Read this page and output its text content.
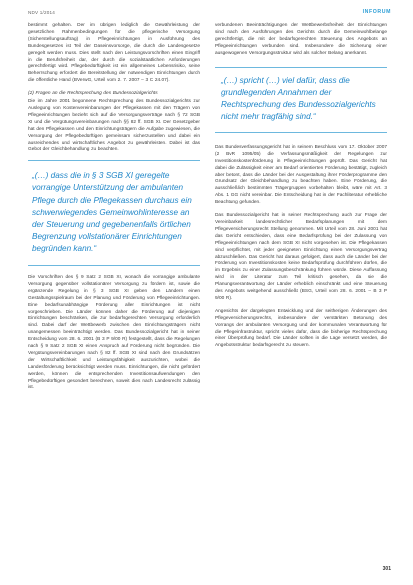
NDV 1/2014	INFORUM

bestimmt gehalten. Der im übrigen lediglich die Gewährleistung der gesetzlichen Rahmenbedingungen für die pflegerische Versorgung (Sicherstellungsauftrag) in Pflegeeinrichtungen in Ausführung des Bundesgesetzes ist Teil der Daseinsvorsorge, die durch die Landesgesetze geregelt werden muss. Dies stellt nach den Leistungsvorschriften einen Eingriff in die Berufsfreiheit dar, der durch die sozialstaatlichen Anforderungen gerechtfertigt wird. Pflegebedürftigkeit ist ein allgemeines Lebensrisiko, seine Beherrschung erfordert die Bereitstellung der notwendigen Einrichtungen durch die öffentliche Hand (BVerwG, Urteil vom 2. 7. 2007 – 3 C 24.07).

(2) Fragen an die Rechtsprechung des Bundessozialgerichts

Die im Jahre 2001 begonnene Rechtsprechung des Bundessozialgerichts zur Auslegung von Kostenvereinbarungen der Pflegekassen mit den Trägern von Pflegeeinrichtungen bezieht sich auf die Versorgungsverträge nach § 72 SGB XI und die Vergütungsvereinbarungen nach §§ 82 ff. SGB XI. Der Gesetzgeber hat den Pflegekassen und den Einrichtungsträgern die Aufgabe zugewiesen, die Versorgung der Pflegebedürftigen gemeinsam sicherzustellen und dabei ein ausreichendes und wirtschaftliches Angebot zu gewährleisten. Dabei ist das Gebot der Gleichbehandlung zu beachten.

„(…) dass die in § 3 SGB XI geregelte vorrangige Unterstützung der ambulanten Pflege durch die Pflegekassen durchaus ein schwerwiegendes Gemeinwohlinteresse an der Steuerung und gegebenenfalls örtlichen Begrenzung vollstationärer Einrichtungen begründen kann.“

Die Vorschriften des § 9 Satz 2 SGB XI, wonach die vorrangige ambulante Versorgung gegenüber vollstationärer Versorgung zu fördern ist, sowie die ergänzende Regelung in § 3 SGB XI geben den Ländern einen Gestaltungsspielraum bei der Planung und Förderung von Pflegeeinrichtungen. Eine bedarfsunabhängige Förderung aller Einrichtungen ist nicht vorgeschrieben. Die Länder können daher die Förderung auf diejenigen Einrichtungen beschränken, die zur bedarfsgerechten Versorgung erforderlich sind. Dabei darf der Wettbewerb zwischen den Einrichtungsträgern nicht unangemessen beeinträchtigt werden. Das Bundessozialgericht hat in seiner Entscheidung vom 28. 6. 2001 (B 3 P 9/00 R) festgestellt, dass die Regelungen nach § 9 Satz 2 SGB XI einen Anspruch auf Förderung nicht begründen. Die Vergütungsvereinbarungen nach § 82 ff. SGB XI sind nach den Grundsätzen der Wirtschaftlichkeit und Leistungsfähigkeit auszurichten, wobei die Landesförderung berücksichtigt werden muss. Einrichtungen, die nicht gefördert werden, können die entsprechenden Investitionsaufwendungen den Pflegebedürftigen gesondert berechnen, soweit dies nach Landesrecht zulässig ist.

verbundenen Beeinträchtigungen der Wettbewerbsfreiheit der Einrichtungen sind nach den Ausführungen des Gerichts durch die Gemeinwohlbelange gerechtfertigt, die mit der bedarfsgerechten Steuerung des Angebots an Pflegeeinrichtungen verbunden sind. Insbesondere die Sicherung einer ausgewogenen Versorgungsstruktur wird als solcher Belang anerkannt.

„(…) spricht (…) viel dafür, dass die grundlegenden Annahmen der Rechtsprechung des Bundessozialgerichts nicht mehr tragfähig sind.“

Das Bundesverfassungsgericht hat in seinem Beschluss vom 17. Oktober 2007 (2 BvR 1095/05) die Verfassungsmäßigkeit der Regelungen zur Investitionskostenförderung in Pflegeeinrichtungen geprüft. Das Gericht hat dabei die Zulässigkeit einer am Bedarf orientierten Förderung bestätigt, zugleich aber betont, dass die Länder bei der Ausgestaltung ihrer Förderprogramme den Grundsatz der Gleichbehandlung zu beachten haben. Eine Förderung, die ausschließlich bestimmten Trägergruppen vorbehalten bleibt, wäre mit Art. 3 Abs. 1 GG nicht vereinbar. Die Entscheidung hat in der Fachliteratur erhebliche Beachtung gefunden.

Das Bundessozialgericht hat in seiner Rechtsprechung auch zur Frage der Vereinbarkeit landesrechtlicher Bedarfsplanungen mit dem Pflegeversicherungsrecht Stellung genommen. Mit Urteil vom 28. Juni 2001 hat das Gericht entschieden, dass eine Bedarfsprüfung bei der Zulassung von Pflegeeinrichtungen nach dem SGB XI nicht vorgesehen ist. Die Pflegekassen sind verpflichtet, mit jeder geeigneten Einrichtung einen Versorgungsvertrag abzuschließen. Das Gericht hat daraus gefolgert, dass auch die Länder bei der Förderung von Investitionskosten keine Bedarfsprüfung durchführen dürfen, die im Ergebnis zu einer Zulassungsbeschränkung führen würde. Diese Auffassung wird in der Literatur zum Teil kritisch gesehen, da sie die Planungsverantwortung der Länder erheblich einschränkt und eine Steuerung des Angebots weitgehend ausschließt (BSG, Urteil vom 28. 6. 2001 – B 3 P 9/00 R).

Angesichts der dargelegten Entwicklung und der seitherigen Änderungen des Pflegeversicherungsrechts, insbesondere der verstärkten Betonung des Vorrangs der ambulanten Versorgung und der kommunalen Verantwortung für die Pflegeinfrastruktur, spricht vieles dafür, dass die bisherige Rechtsprechung einer Überprüfung bedarf. Die Länder sollten in die Lage versetzt werden, die Angebotsstruktur bedarfsgerecht zu steuern.

301
